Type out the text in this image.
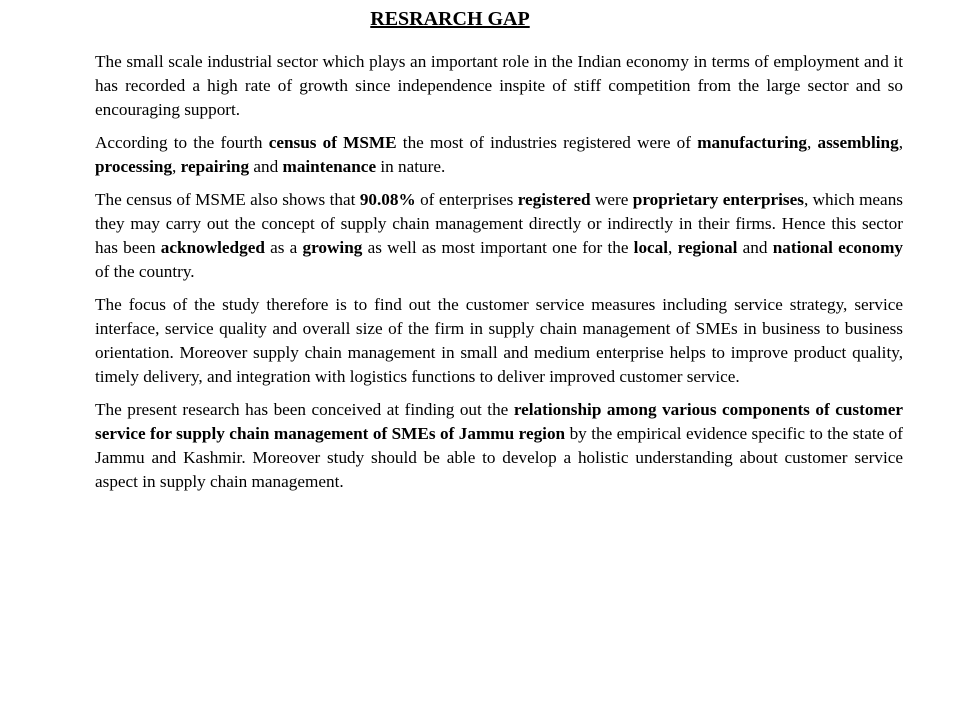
RESRARCH GAP

The small scale industrial sector which plays an important role in the Indian economy in terms of employment and it has recorded a high rate of growth since independence inspite of stiff competition from the large sector and so encouraging support.

According to the fourth census of MSME the most of industries registered were of manufacturing, assembling, processing, repairing and maintenance in nature.

The census of MSME also shows that 90.08% of enterprises registered were proprietary enterprises, which means they may carry out the concept of supply chain management directly or indirectly in their firms. Hence this sector has been acknowledged as a growing as well as most important one for the local, regional and national economy of the country.

The focus of the study therefore is to find out the customer service measures including service strategy, service interface, service quality and overall size of the firm in supply chain management of SMEs in business to business orientation. Moreover supply chain management in small and medium enterprise helps to improve product quality, timely delivery, and integration with logistics functions to deliver improved customer service.

The present research has been conceived at finding out the relationship among various components of customer service for supply chain management of SMEs of Jammu region by the empirical evidence specific to the state of Jammu and Kashmir. Moreover study should be able to develop a holistic understanding about customer service aspect in supply chain management.
